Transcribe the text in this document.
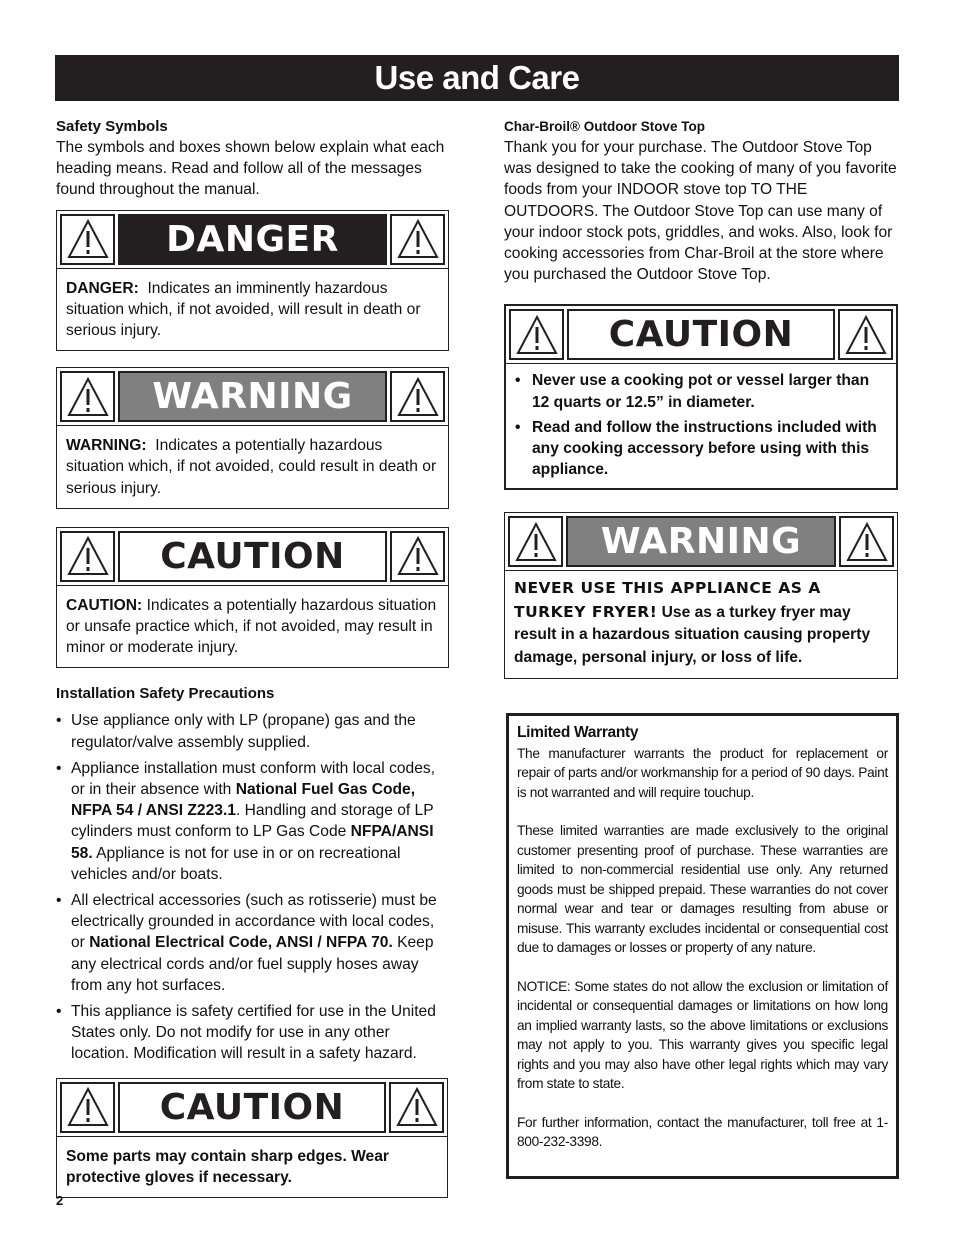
Use and Care

Safety Symbols

The symbols and boxes shown below explain what each heading means. Read and follow all of the messages found throughout the manual.

DANGER
DANGER: Indicates an imminently hazardous situation which, if not avoided, will result in death or serious injury.
WARNING
WARNING: Indicates a potentially hazardous situation which, if not avoided, could result in death or serious injury.
CAUTION
CAUTION: Indicates a potentially hazardous situation or unsafe practice which, if not avoided, may result in minor or moderate injury.

Installation Safety Precautions

• Use appliance only with LP (propane) gas and the regulator/valve assembly supplied.
• Appliance installation must conform with local codes, or in their absence with National Fuel Gas Code, NFPA 54 / ANSI Z223.1. Handling and storage of LP cylinders must conform to LP Gas Code NFPA/ANSI 58. Appliance is not for use in or on recreational vehicles and/or boats.
• All electrical accessories (such as rotisserie) must be electrically grounded in accordance with local codes, or National Electrical Code, ANSI / NFPA 70. Keep any electrical cords and/or fuel supply hoses away from any hot surfaces.
• This appliance is safety certified for use in the United States only. Do not modify for use in any other location. Modification will result in a safety hazard.
CAUTION
Some parts may contain sharp edges. Wear protective gloves if necessary.

Char-Broil® Outdoor Stove Top

Thank you for your purchase. The Outdoor Stove Top was designed to take the cooking of many of you favorite foods from your INDOOR stove top TO THE OUTDOORS. The Outdoor Stove Top can use many of your indoor stock pots, griddles, and woks. Also, look for cooking accessories from Char-Broil at the store where you purchased the Outdoor Stove Top.

CAUTION
• Never use a cooking pot or vessel larger than 12 quarts or 12.5” in diameter.
• Read and follow the instructions included with any cooking accessory before using with this appliance.
WARNING
NEVER USE THIS APPLIANCE AS A TURKEY FRYER! Use as a turkey fryer may result in a hazardous situation causing property damage, personal injury, or loss of life.

Limited Warranty

The manufacturer warrants the product for replacement or repair of parts and/or workmanship for a period of 90 days. Paint is not warranted and will require touchup.

These limited warranties are made exclusively to the original customer presenting proof of purchase. These warranties are limited to non-commercial residential use only. Any returned goods must be shipped prepaid. These warranties do not cover normal wear and tear or damages resulting from abuse or misuse. This warranty excludes incidental or consequential cost due to damages or losses or property of any nature.

NOTICE: Some states do not allow the exclusion or limitation of incidental or consequential damages or limitations on how long an implied warranty lasts, so the above limitations or exclusions may not apply to you. This warranty gives you specific legal rights and you may also have other legal rights which may vary from state to state.

For further information, contact the manufacturer, toll free at 1-800-232-3398.

2
